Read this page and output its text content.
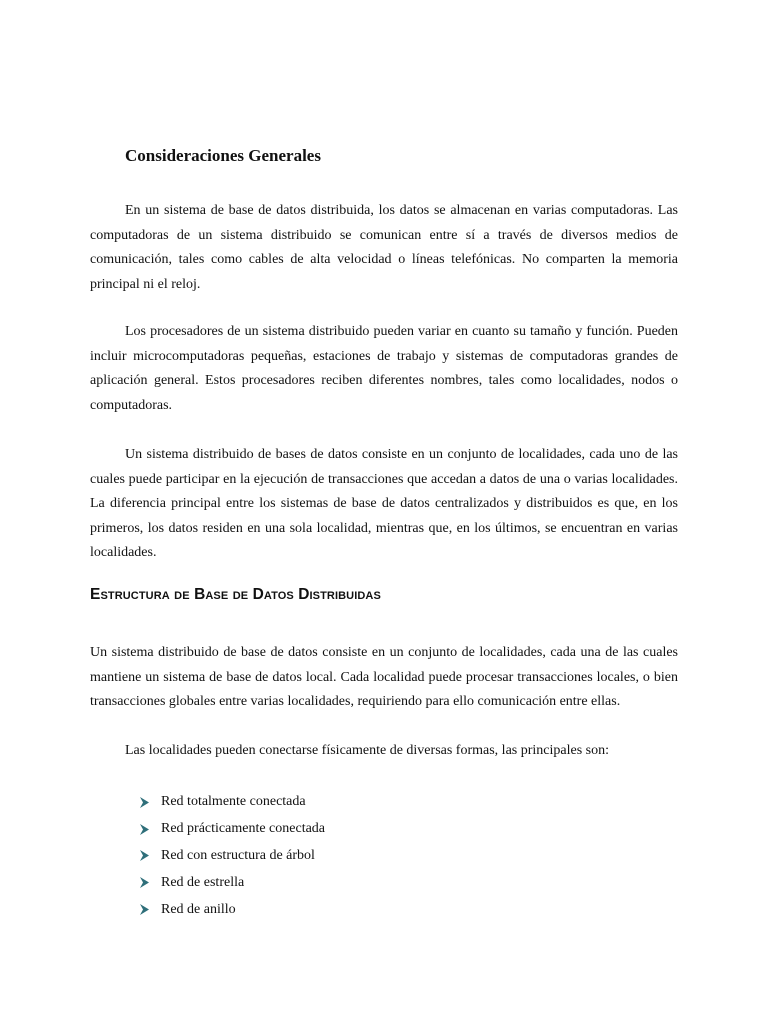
Consideraciones Generales

En un sistema de base de datos distribuida, los datos se almacenan en varias computadoras. Las computadoras de un sistema distribuido se comunican entre sí a través de diversos medios de comunicación, tales como cables de alta velocidad o líneas telefónicas. No comparten la memoria principal ni el reloj.

Los procesadores de un sistema distribuido pueden variar en cuanto su tamaño y función. Pueden incluir microcomputadoras pequeñas, estaciones de trabajo y sistemas de computadoras grandes de aplicación general. Estos procesadores reciben diferentes nombres, tales como localidades, nodos o computadoras.

Un sistema distribuido de bases de datos consiste en un conjunto de localidades, cada uno de las cuales puede participar en la ejecución de transacciones que accedan a datos de una o varias localidades. La diferencia principal entre los sistemas de base de datos centralizados y distribuidos es que, en los primeros, los datos residen en una sola localidad, mientras que, en los últimos, se encuentran en varias localidades.

Estructura de Base de Datos Distribuidas

Un sistema distribuido de base de datos consiste en un conjunto de localidades, cada una de las cuales mantiene un sistema de base de datos local. Cada localidad puede procesar transacciones locales, o bien transacciones globales entre varias localidades, requiriendo para ello comunicación entre ellas.

Las localidades pueden conectarse físicamente de diversas formas, las principales son:

Red totalmente conectada
Red prácticamente conectada
Red con estructura de árbol
Red de estrella
Red de anillo
